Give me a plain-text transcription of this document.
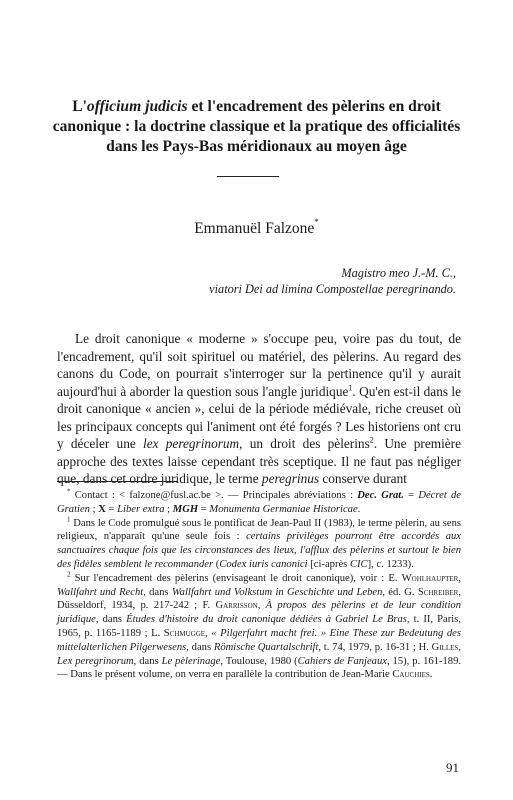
L'officium judicis et l'encadrement des pèlerins en droit canonique : la doctrine classique et la pratique des officialités dans les Pays-Bas méridionaux au moyen âge
Emmanuël Falzone*
Magistro meo J.-M. C.,
viatori Dei ad limina Compostellae peregrinando.

Le droit canonique « moderne » s'occupe peu, voire pas du tout, de l'encadrement, qu'il soit spirituel ou matériel, des pèlerins. Au regard des canons du Code, on pourrait s'interroger sur la pertinence qu'il y aurait aujourd'hui à aborder la question sous l'angle juridique$^1$. Qu'en est-il dans le droit canonique « ancien », celui de la période médiévale, riche creuset où les principaux concepts qui l'animent ont été forgés ? Les historiens ont cru y déceler une lex peregrinorum, un droit des pèlerins$^2$. Une première approche des textes laisse cependant très sceptique. Il ne faut pas négliger que, dans cet ordre juridique, le terme peregrinus conserve durant

* Contact : < falzone@fusl.ac.be >. — Principales abréviations : Dec. Grat. = Décret de Gratien ; X = Liber extra ; MGH = Monumenta Germaniae Historicae.

$^1$ Dans le Code promulgué sous le pontificat de Jean-Paul II (1983), le terme pèlerin, au sens religieux, n'apparaît qu'une seule fois : certains privilèges pourront être accordés aux sanctuaires chaque fois que les circonstances des lieux, l'afflux des pèlerins et surtout le bien des fidèles semblent le recommander (Codex iuris canonici [ci-après CIC], c. 1233).

$^2$ Sur l'encadrement des pèlerins (envisageant le droit canonique), voir : E. Wohlhaupter, Wallfahrt und Recht, dans Wallfahrt und Volkstum in Geschichte und Leben, éd. G. Schreiber, Düsseldorf, 1934, p. 217-242 ; F. Garrisson, À propos des pèlerins et de leur condition juridique, dans Études d'histoire du droit canonique dédiées à Gabriel Le Bras, t. II, Paris, 1965, p. 1165-1189 ; L. Schmugge, « Pilgerfahrt macht frei. » Eine These zur Bedeutung des mittelalterlichen Pilgerwesens, dans Römische Quartalschrift, t. 74, 1979, p. 16-31 ; H. Gilles, Lex peregrinorum, dans Le pèlerinage, Toulouse, 1980 (Cahiers de Fanjeaux, 15), p. 161-189. — Dans le présent volume, on verra en parallèle la contribution de Jean-Marie Cauchies.

91
